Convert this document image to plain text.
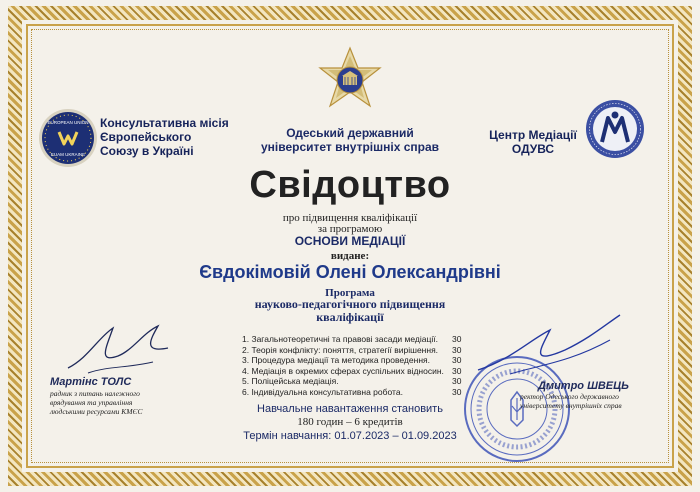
EUROPEAN UNION
EUAM UKRAINE
Консультативна місія
Європейського
Союзу в Україні
Одеський державний
університет внутрішніх справ
Центр Медіації
ОДУВС
Свідоцтво
про підвищення кваліфікації
за програмою
ОСНОВИ МЕДІАЦІЇ
видане:
Євдокімовій Олені Олександрівні
Програма
науково-педагогічного підвищення
кваліфікації
1. Загальнотеоретичні та правові засади медіації. 30
2. Теорія конфлікту: поняття, стратегії вирішення. 30
3. Процедура медіації та методика проведення.	30
4. Медіація в окремих сферах суспільних відносин. 30
5. Поліцейська медіація.	30
6. Індивідуальна консультативна робота.	30
Навчальне навантаження становить
180 годин – 6 кредитів
Термін навчання: 01.07.2023 – 01.09.2023
Мартінс ТОЛС
радник з питань належного
врядування та управління
людськими ресурсами КМЄС
Дмитро ШВЕЦЬ
ректор Одеського державного
університету внутрішніх справ
